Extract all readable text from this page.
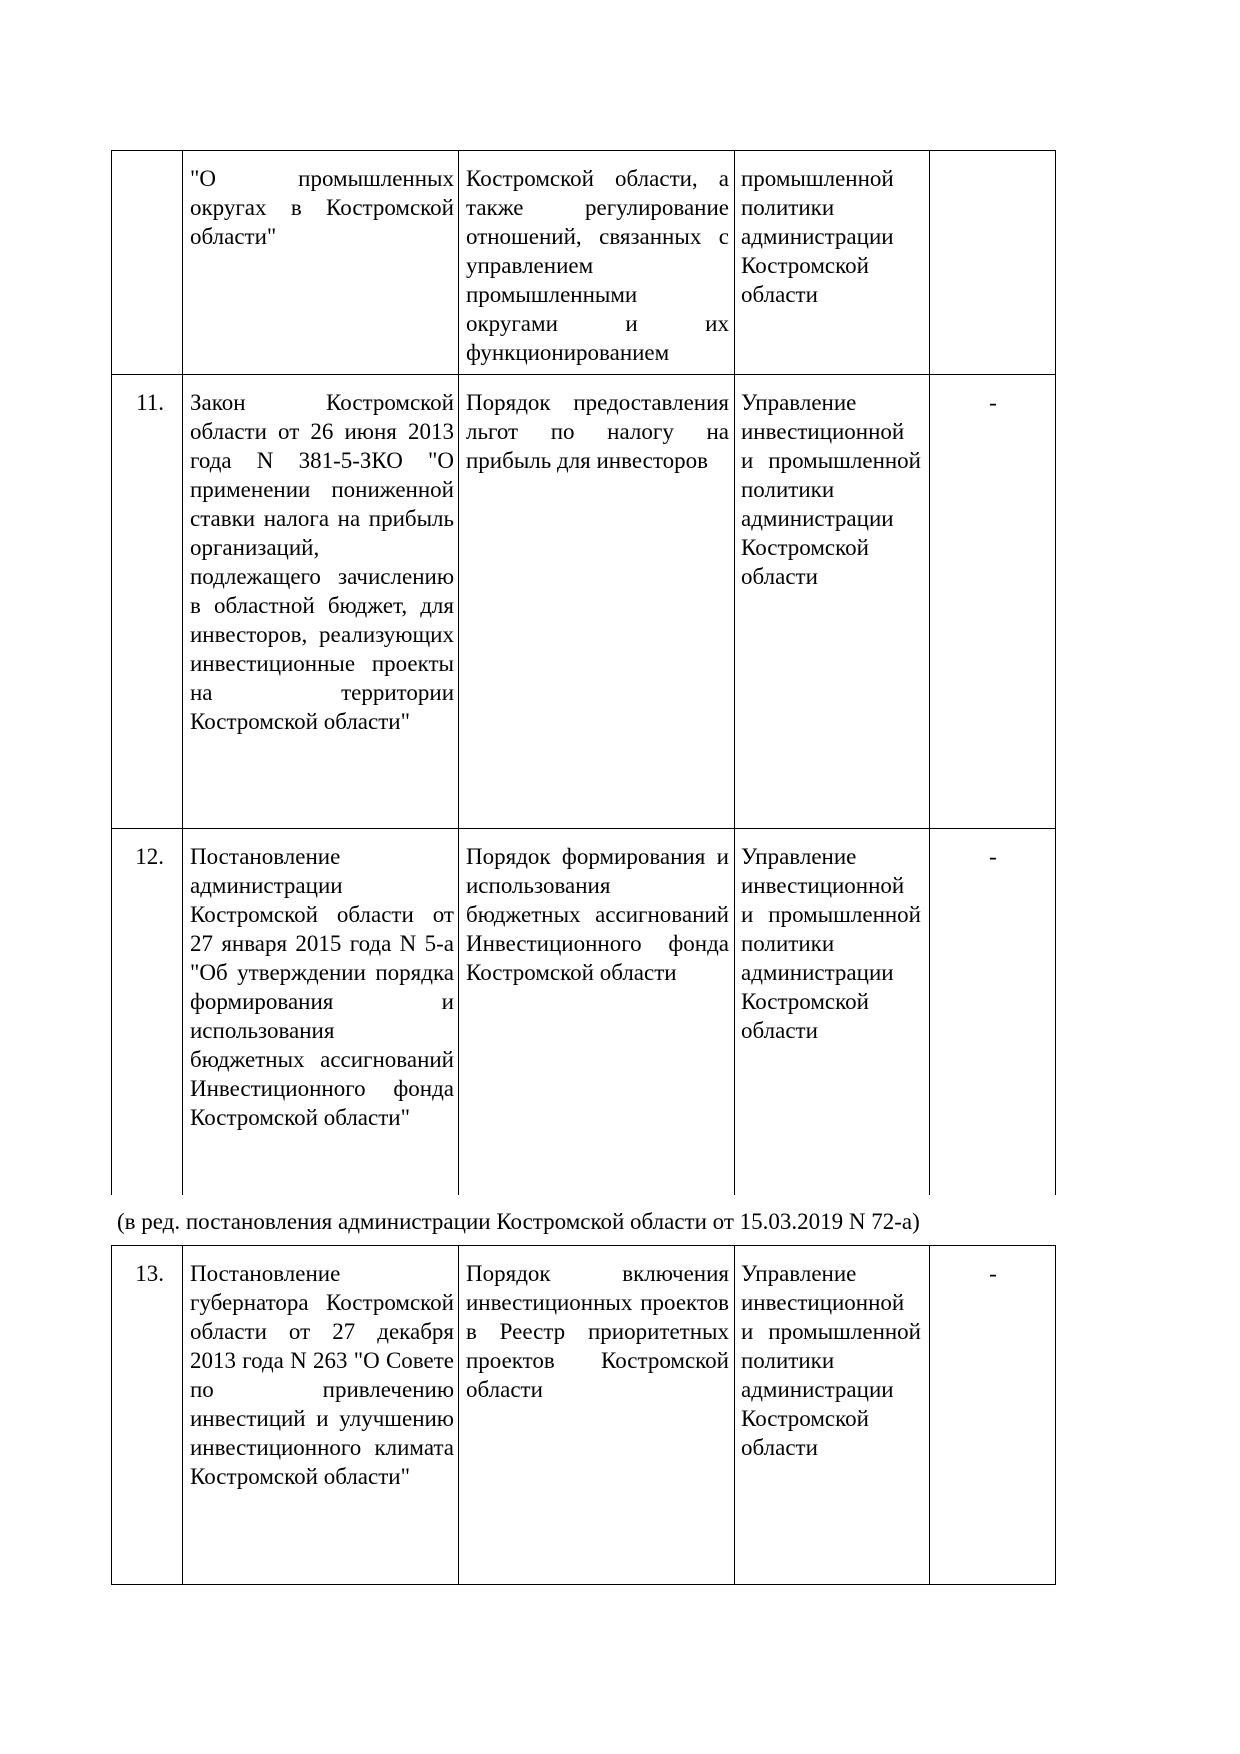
"О промышленных округах в Костромской области"
Костромской области, а также регулирование отношений, связанных с управлением промышленными округами и их функционированием
промышленной политики администрации Костромской области
11. Закон Костромской области от 26 июня 2013 года N 381-5-ЗКО "О применении пониженной ставки налога на прибыль организаций, подлежащего зачислению в областной бюджет, для инвесторов, реализующих инвестиционные проекты на территории Костромской области"
Порядок предоставления льгот по налогу на прибыль для инвесторов
Управление инвестиционной и промышленной политики администрации Костромской области
-
12. Постановление администрации Костромской области от 27 января 2015 года N 5-а "Об утверждении порядка формирования и использования бюджетных ассигнований Инвестиционного фонда Костромской области"
Порядок формирования и использования бюджетных ассигнований Инвестиционного фонда Костромской области
Управление инвестиционной и промышленной политики администрации Костромской области
-
(в ред. постановления администрации Костромской области от 15.03.2019 N 72-а)
13. Постановление губернатора Костромской области от 27 декабря 2013 года N 263 "О Совете по привлечению инвестиций и улучшению инвестиционного климата Костромской области"
Порядок включения инвестиционных проектов в Реестр приоритетных проектов Костромской области
Управление инвестиционной и промышленной политики администрации Костромской области
-
